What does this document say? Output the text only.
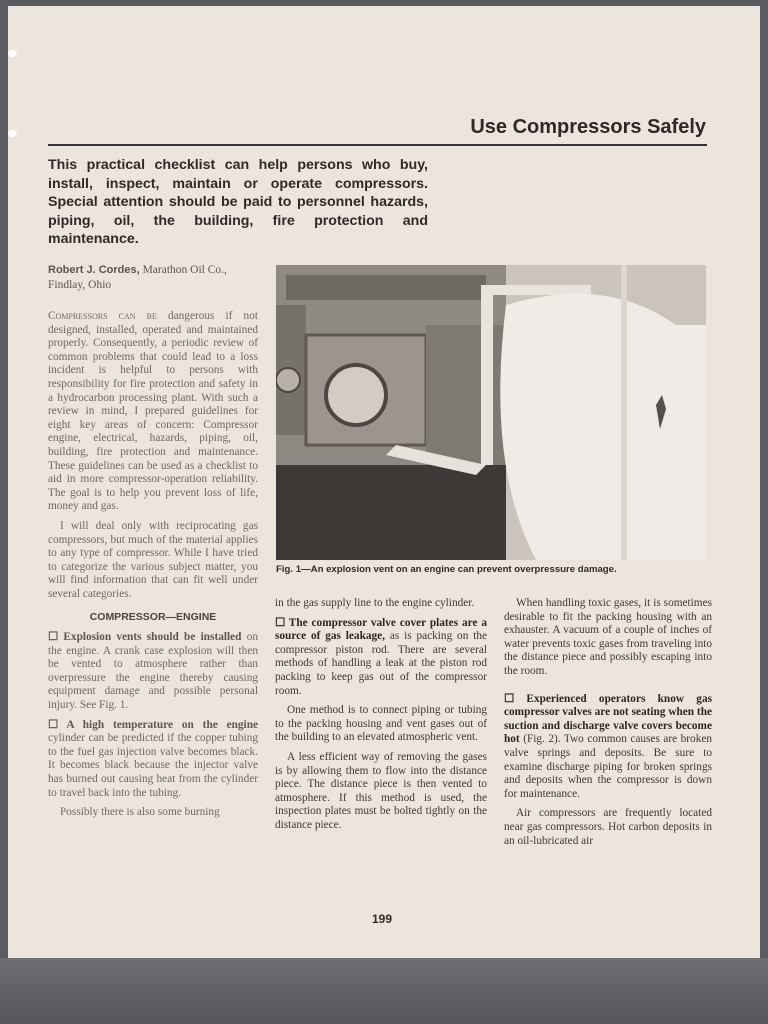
Use Compressors Safely
This practical checklist can help persons who buy, install, inspect, maintain or operate compressors. Special attention should be paid to personnel hazards, piping, oil, the building, fire protection and maintenance.
Robert J. Cordes, Marathon Oil Co., Findlay, Ohio

Compressors can be dangerous if not designed, installed, operated and maintained properly. Consequently, a periodic review of common problems that could lead to a loss incident is helpful to persons with responsibility for fire protection and safety in a hydrocarbon processing plant. With such a review in mind, I prepared guidelines for eight key areas of concern: Compressor engine, electrical, hazards, piping, oil, building, fire protection and maintenance. These guidelines can be used as a checklist to aid in more compressor-operation reliability. The goal is to help you prevent loss of life, money and gas.

I will deal only with reciprocating gas compressors, but much of the material applies to any type of compressor. While I have tried to categorize the various subject matter, you will find information that can fit well under several categories.

COMPRESSOR—ENGINE

☐ Explosion vents should be installed on the engine. A crank case explosion will then be vented to atmosphere rather than overpressure the engine thereby causing equipment damage and possible personal injury. See Fig. 1.

☐ A high temperature on the engine cylinder can be predicted if the copper tubing to the fuel gas injection valve becomes black. It becomes black because the injector valve has burned out causing heat from the cylinder to travel back into the tubing.

Possibly there is also some burning

Fig. 1—An explosion vent on an engine can prevent overpressure damage.

in the gas supply line to the engine cylinder.

☐ The compressor valve cover plates are a source of gas leakage, as is packing on the compressor piston rod. There are several methods of handling a leak at the piston rod packing to keep gas out of the compressor room.

One method is to connect piping or tubing to the packing housing and vent gases out of the building to an elevated atmospheric vent.

A less efficient way of removing the gases is by allowing them to flow into the distance piece. The distance piece is then vented to atmosphere. If this method is used, the inspection plates must be bolted tightly on the distance piece.

When handling toxic gases, it is sometimes desirable to fit the packing housing with an exhauster. A vacuum of a couple of inches of water prevents toxic gases from traveling into the distance piece and possibly escaping into the room.

☐ Experienced operators know gas compressor valves are not seating when the suction and discharge valve covers become hot (Fig. 2). Two common causes are broken valve springs and deposits. Be sure to examine discharge piping for broken springs and deposits when the compressor is down for maintenance.

Air compressors are frequently located near gas compressors. Hot carbon deposits in an oil-lubricated air

199
